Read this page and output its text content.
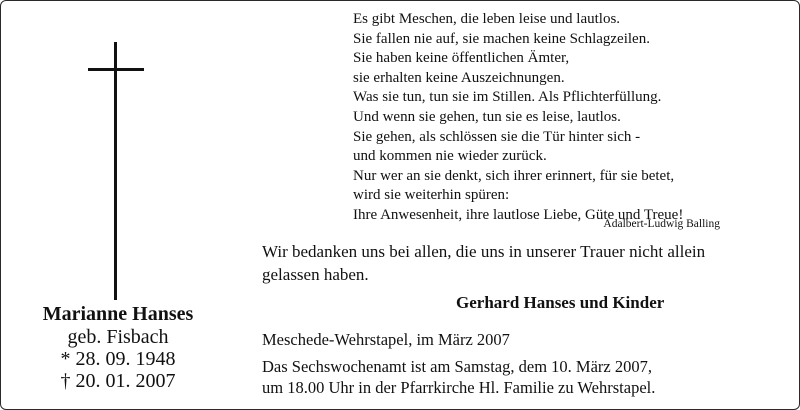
Marianne Hanses

geb. Fisbach

* 28. 09. 1948

† 20. 01. 2007

Es gibt Meschen, die leben leise und lautlos.

Sie fallen nie auf, sie machen keine Schlagzeilen.

Sie haben keine öffentlichen Ämter,

sie erhalten keine Auszeichnungen.

Was sie tun, tun sie im Stillen. Als Pflichterfüllung.

Und wenn sie gehen, tun sie es leise, lautlos.

Sie gehen, als schlössen sie die Tür hinter sich -

und kommen nie wieder zurück.

Nur wer an sie denkt, sich ihrer erinnert, für sie betet,

wird sie weiterhin spüren:

Ihre Anwesenheit, ihre lautlose Liebe, Güte und Treue!

Adalbert-Ludwig Balling

Wir bedanken uns bei allen, die uns in unserer Trauer nicht allein

gelassen haben.

Gerhard Hanses und Kinder
Meschede-Wehrstapel, im März 2007

Das Sechswochenamt ist am Samstag, dem 10. März 2007,

um 18.00 Uhr in der Pfarrkirche Hl. Familie zu Wehrstapel.
